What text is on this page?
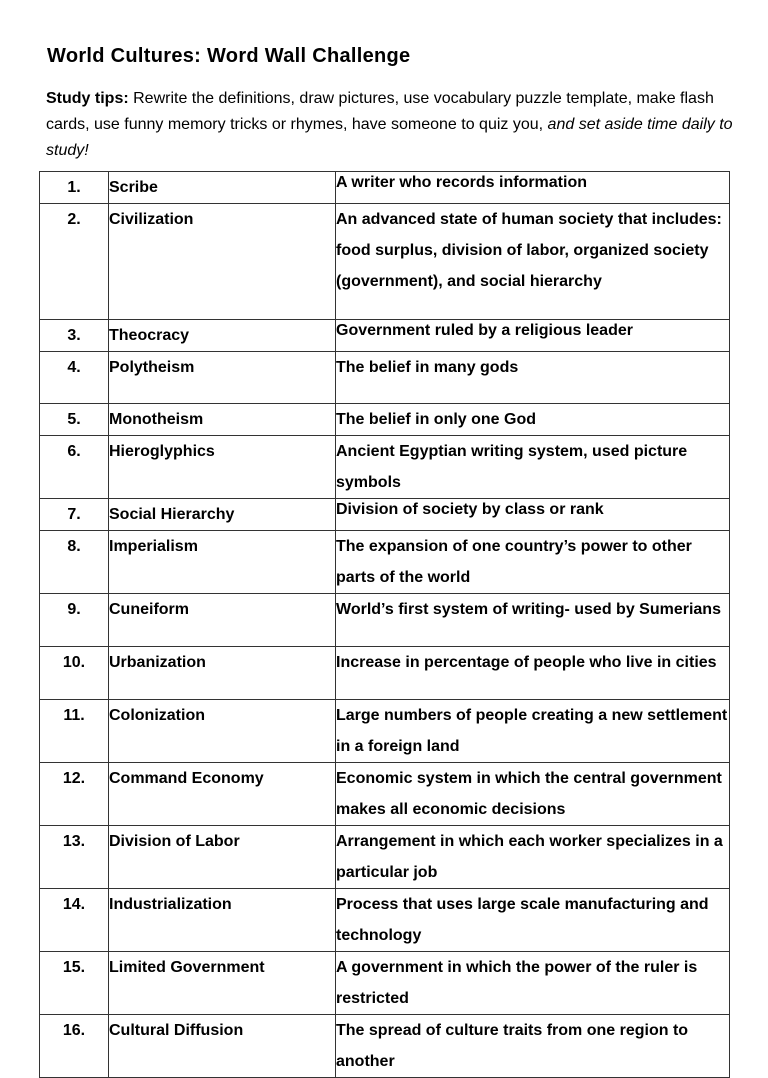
World Cultures: Word Wall Challenge
Study tips: Rewrite the definitions, draw pictures, use vocabulary puzzle template, make flash cards, use funny memory tricks or rhymes, have someone to quiz you, and set aside time daily to study!
1.	Scribe	A writer who records information
2.	Civilization	An advanced state of human society that includes: food surplus, division of labor, organized society (government), and social hierarchy
3.	Theocracy	Government ruled by a religious leader
4.	Polytheism	The belief in many gods
5.	Monotheism	The belief in only one God
6.	Hieroglyphics	Ancient Egyptian writing system, used picture symbols
7.	Social Hierarchy	Division of society by class or rank
8.	Imperialism	The expansion of one country’s power to other parts of the world
9.	Cuneiform	World’s first system of writing- used by Sumerians
10.	Urbanization	Increase in percentage of people who live in cities
11.	Colonization	Large numbers of people creating a new settlement in a foreign land
12.	Command Economy	Economic system in which the central government makes all economic decisions
13.	Division of Labor	Arrangement in which each worker specializes in a particular job
14.	Industrialization	Process that uses large scale manufacturing and technology
15.	Limited Government	A government in which the power of the ruler is restricted
16.	Cultural Diffusion	The spread of culture traits from one region to another
